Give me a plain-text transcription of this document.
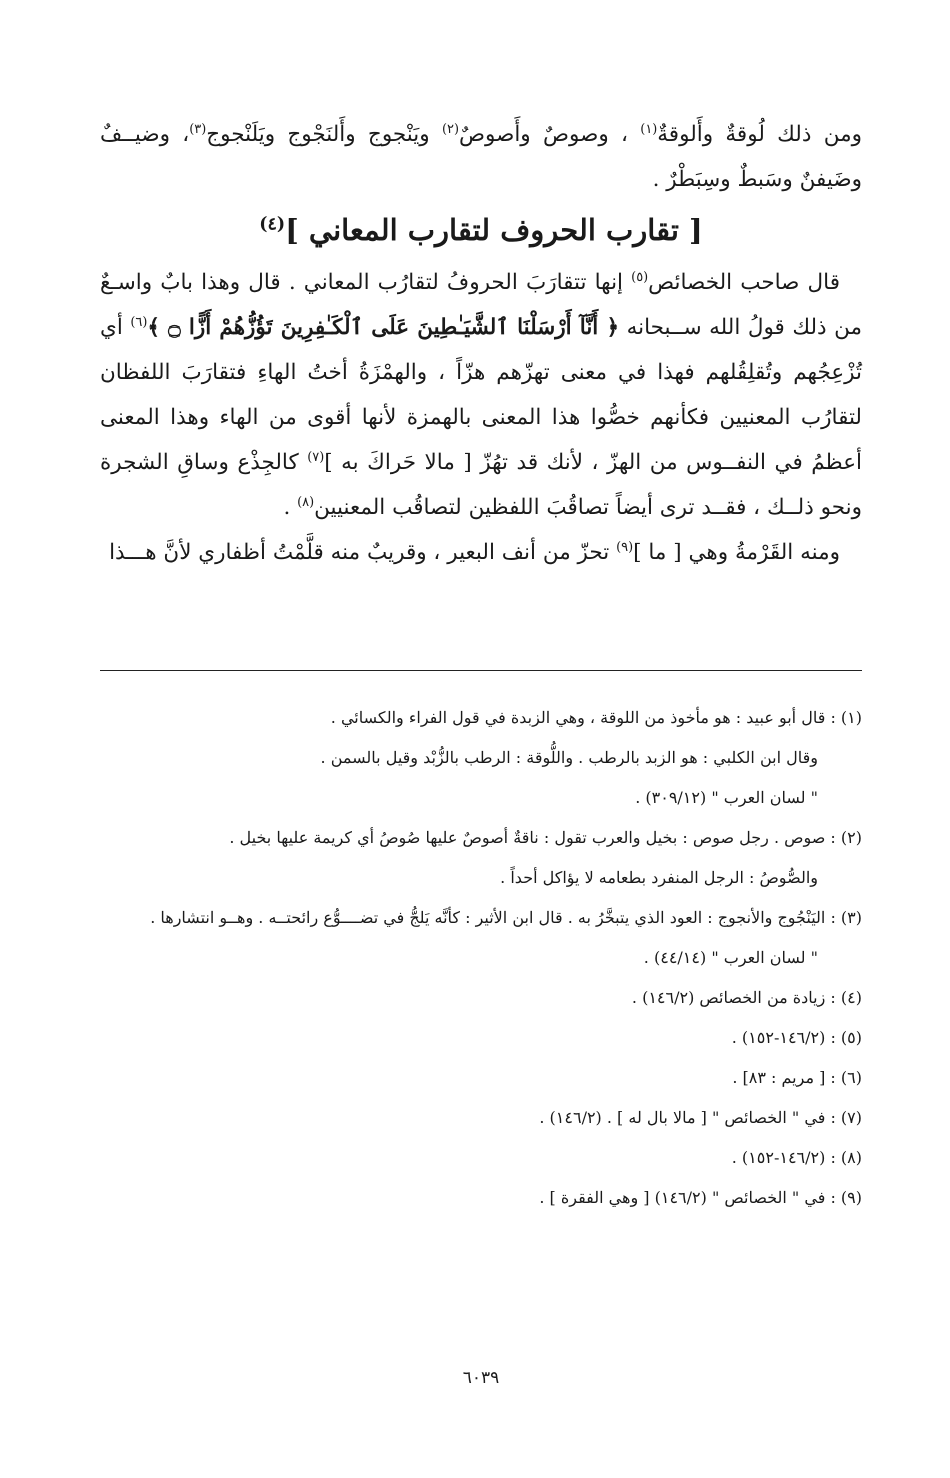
ومن ذلك لُوقةٌ وأَلوقةٌ$^{(١)}$ ، وصوصٌ وأَصوصٌ$^{(٢)}$ ويَنْجوج وأَلنَجْوج ويَلَنْجوج$^{(٣)}$، وضيــفٌ وضَيفنٌ وسَبطٌ وسِبَطْرٌ .

[ تقارب الحروف لتقارب المعاني ]$^{(٤)}$

قال صاحب الخصائص$^{(٥)}$ إنها تتقارَبَ الحروفُ لتقارُب المعاني . قال وهذا بابٌ واسـعٌ من ذلك قولُ الله ســبحانه ﴿ أَنَّآ أَرْسَلْنَا ٱلشَّيَـٰطِينَ عَلَى ٱلْكَـٰفِرِينَ تَؤُزُّهُمْ أَزًّا ۝ ﴾$^{(٦)}$ أي تُزْعِجُهم وتُقلِقُلهم فهذا في معنى تهزّهم هزّاً ، والهمْزَةُ أختُ الهاءِ فتقارَبَ اللفظان لتقارُب المعنيين فكأنهم خصُّوا هذا المعنى بالهمزة لأنها أقوى من الهاء وهذا المعنى أعظمُ في النفــوس من الهزّ ، لأنك قد تهُزّ [ مالا حَراكَ به ]$^{(٧)}$ كالجِذْع وساقِ الشجرة ونحو ذلــك ، فقــد ترى أيضاً تصاقُبَ اللفظين لتصاقُب المعنيين$^{(٨)}$ .

ومنه القَرْمةُ وهي [ ما ]$^{(٩)}$ تحزّ من أنف البعير ، وقريبٌ منه قلَّمْتُ أظفاري لأنَّ هـــذا

(١) : قال أبو عبيد : هو مأخوذ من اللوقة ، وهي الزبدة في قول الفراء والكسائي .

وقال ابن الكلبي : هو الزبد بالرطب . واللُّوقة : الرطب بالزُّبْد وقيل بالسمن .

" لسان العرب " (٣٠٩/١٢) .

(٢) : صوص . رجل صوص : بخيل والعرب تقول : ناقةٌ أصوصٌ عليها صُوصُ أي كريمة عليها بخيل .

والصُّوصُ : الرجل المنفرد بطعامه لا يؤاكل أحداً .

(٣) : اليَنْجُوج والأنجوج : العود الذي يتبخَّرُ به . قال ابن الأثير : كأنَّه يَلجُّ في تضــــوُّع رائحتــه . وهــو انتشارها .

" لسان العرب " (٤٤/١٤) .

(٤) : زيادة من الخصائص (١٤٦/٢) .

(٥) : (١٤٦/٢-١٥٢) .

(٦) : [ مريم : ٨٣] .

(٧) : في " الخصائص " [ مالا بال له ] . (١٤٦/٢) .

(٨) : (١٤٦/٢-١٥٢) .

(٩) : في " الخصائص " (١٤٦/٢) [ وهي الفقرة ] .

٦٠٣٩
